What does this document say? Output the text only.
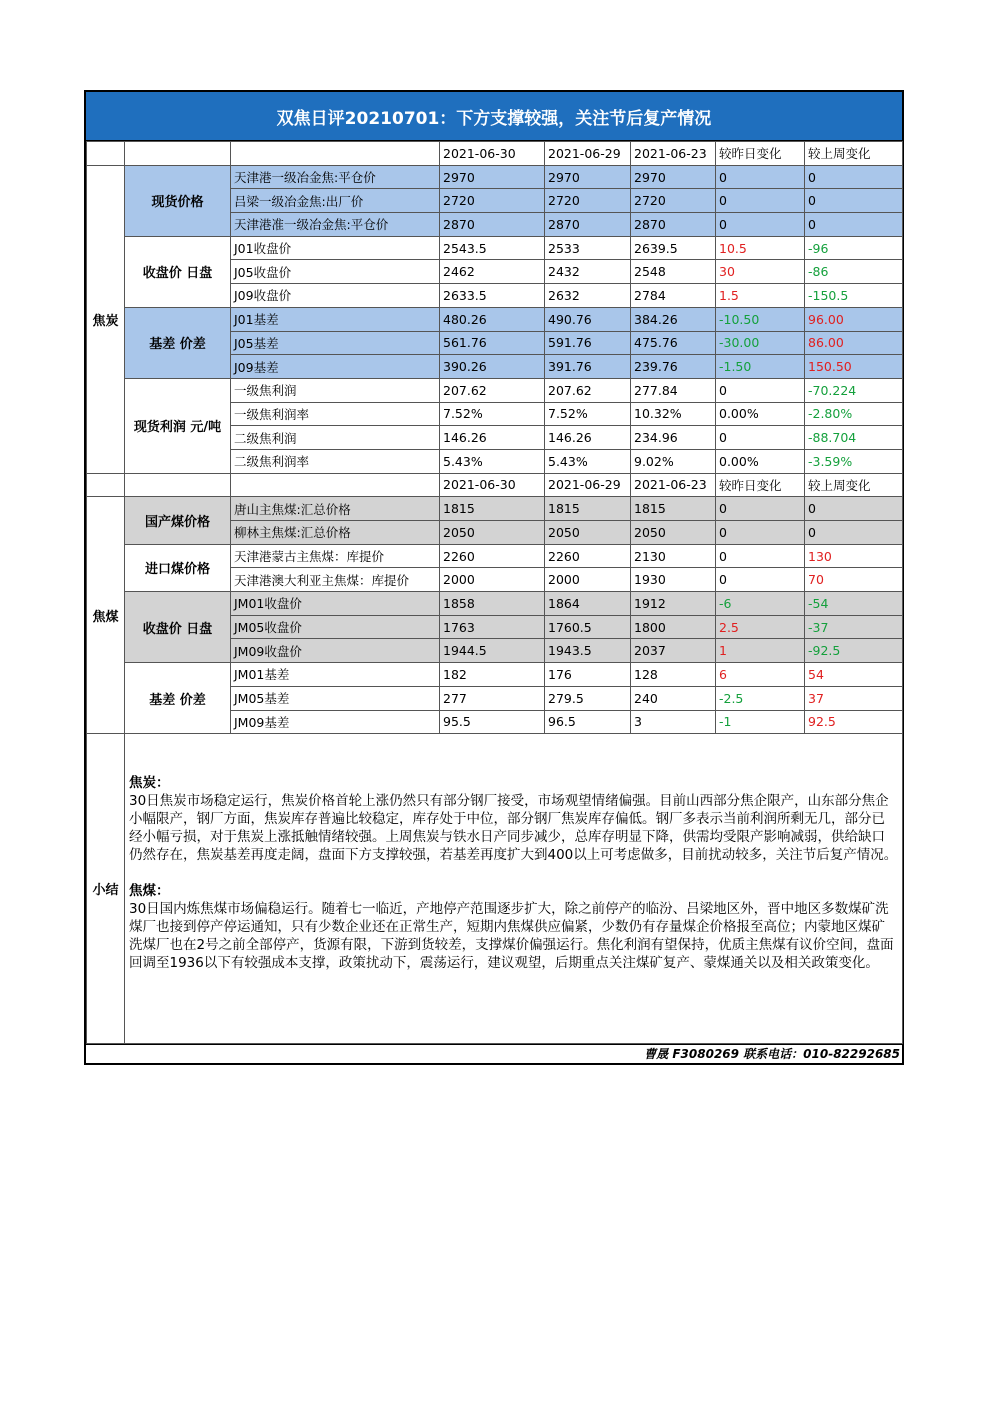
双焦日评20210701：下方支撑较强，关注节后复产情况
			2021-06-30	2021-06-29	2021-06-23	较昨日变化	较上周变化
焦炭	现货价格	天津港一级冶金焦:平仓价	2970	2970	2970	0	0
		吕梁一级冶金焦:出厂价	2720	2720	2720	0	0
		天津港准一级冶金焦:平仓价	2870	2870	2870	0	0
	收盘价 日盘	J01收盘价	2543.5	2533	2639.5	10.5	-96
		J05收盘价	2462	2432	2548	30	-86
		J09收盘价	2633.5	2632	2784	1.5	-150.5
	基差 价差	J01基差	480.26	490.76	384.26	-10.50	96.00
		J05基差	561.76	591.76	475.76	-30.00	86.00
		J09基差	390.26	391.76	239.76	-1.50	150.50
	现货利润 元/吨	一级焦利润	207.62	207.62	277.84	0	-70.224
		一级焦利润率	7.52%	7.52%	10.32%	0.00%	-2.80%
		二级焦利润	146.26	146.26	234.96	0	-88.704
		二级焦利润率	5.43%	5.43%	9.02%	0.00%	-3.59%
			2021-06-30	2021-06-29	2021-06-23	较昨日变化	较上周变化
焦煤	国产煤价格	唐山主焦煤:汇总价格	1815	1815	1815	0	0
		柳林主焦煤:汇总价格	2050	2050	2050	0	0
	进口煤价格	天津港蒙古主焦煤：库提价	2260	2260	2130	0	130
		天津港澳大利亚主焦煤：库提价	2000	2000	1930	0	70
	收盘价 日盘	JM01收盘价	1858	1864	1912	-6	-54
		JM05收盘价	1763	1760.5	1800	2.5	-37
		JM09收盘价	1944.5	1943.5	2037	1	-92.5
	基差 价差	JM01基差	182	176	128	6	54
		JM05基差	277	279.5	240	-2.5	37
		JM09基差	95.5	96.5	3	-1	92.5
小结	焦炭：

30日焦炭市场稳定运行，焦炭价格首轮上涨仍然只有部分钢厂接受，市场观望情绪偏强。目前山西部分焦企限产，山东部分焦企小幅限产，钢厂方面，焦炭库存普遍比较稳定，库存处于中位，部分钢厂焦炭库存偏低。钢厂多表示当前利润所剩无几，部分已经小幅亏损，对于焦炭上涨抵触情绪较强。上周焦炭与铁水日产同步减少，总库存明显下降，供需均受限产影响减弱，供给缺口仍然存在，焦炭基差再度走阔，盘面下方支撑较强，若基差再度扩大到400以上可考虑做多，目前扰动较多，关注节后复产情况。

焦煤：

30日国内炼焦煤市场偏稳运行。随着七一临近，产地停产范围逐步扩大，除之前停产的临汾、吕梁地区外，晋中地区多数煤矿洗煤厂也接到停产停运通知，只有少数企业还在正常生产，短期内焦煤供应偏紧，少数仍有存量煤企价格报至高位；内蒙地区煤矿洗煤厂也在2号之前全部停产，货源有限，下游到货较差，支撑煤价偏强运行。焦化利润有望保持，优质主焦煤有议价空间，盘面回调至1936以下有较强成本支撑，政策扰动下，震荡运行，建议观望，后期重点关注煤矿复产、蒙煤通关以及相关政策变化。						

曹晟 F3080269 联系电话：010-82292685
